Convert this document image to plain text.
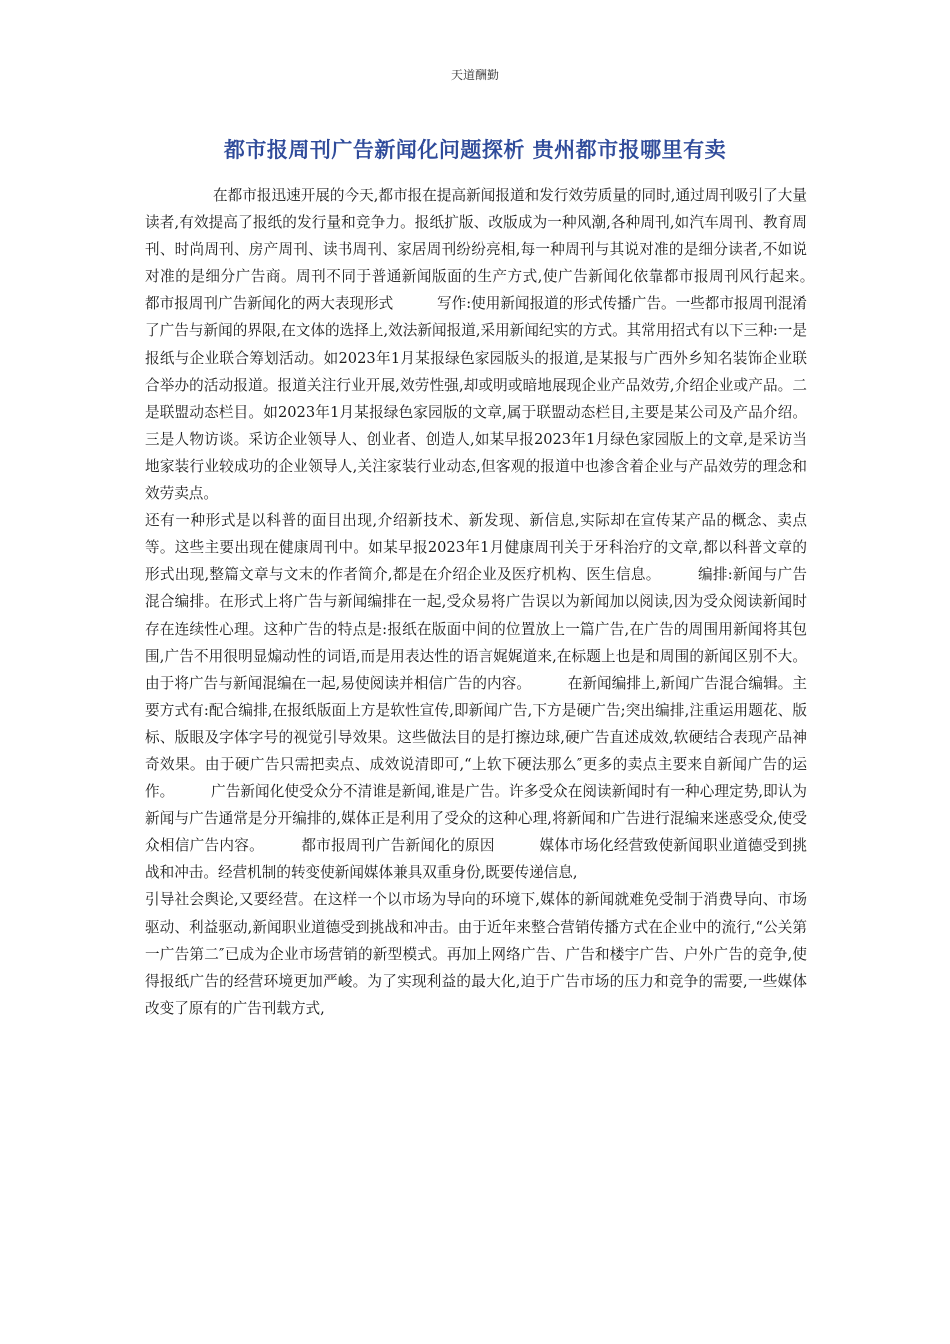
天道酬勤
都市报周刊广告新闻化问题探析 贵州都市报哪里有卖

在都市报迅速开展的今天,都市报在提高新闻报道和发行效劳质量的同时,通过周刊吸引了大量读者,有效提高了报纸的发行量和竞争力。报纸扩版、改版成为一种风潮,各种周刊,如汽车周刊、教育周刊、时尚周刊、房产周刊、读书周刊、家居周刊纷纷亮相,每一种周刊与其说对准的是细分读者,不如说对准的是细分广告商。周刊不同于普通新闻版面的生产方式,使广告新闻化依靠都市报周刊风行起来。　　　都市报周刊广告新闻化的两大表现形式　　　写作:使用新闻报道的形式传播广告。一些都市报周刊混淆了广告与新闻的界限,在文体的选择上,效法新闻报道,采用新闻纪实的方式。其常用招式有以下三种:一是报纸与企业联合筹划活动。如2023年1月某报绿色家园版头的报道,是某报与广西外乡知名装饰企业联合举办的活动报道。报道关注行业开展,效劳性强,却或明或暗地展现企业产品效劳,介绍企业或产品。二是联盟动态栏目。如2023年1月某报绿色家园版的文章,属于联盟动态栏目,主要是某公司及产品介绍。三是人物访谈。采访企业领导人、创业者、创造人,如某早报2023年1月绿色家园版上的文章,是采访当地家装行业较成功的企业领导人,关注家装行业动态,但客观的报道中也渗含着企业与产品效劳的理念和效劳卖点。

还有一种形式是以科普的面目出现,介绍新技术、新发现、新信息,实际却在宣传某产品的概念、卖点等。这些主要出现在健康周刊中。如某早报2023年1月健康周刊关于牙科治疗的文章,都以科普文章的形式出现,整篇文章与文末的作者简介,都是在介绍企业及医疗机构、医生信息。　　　编排:新闻与广告混合编排。在形式上将广告与新闻编排在一起,受众易将广告误以为新闻加以阅读,因为受众阅读新闻时存在连续性心理。这种广告的特点是:报纸在版面中间的位置放上一篇广告,在广告的周围用新闻将其包围,广告不用很明显煽动性的词语,而是用表达性的语言娓娓道来,在标题上也是和周围的新闻区别不大。由于将广告与新闻混编在一起,易使阅读并相信广告的内容。　　　在新闻编排上,新闻广告混合编辑。主要方式有:配合编排,在报纸版面上方是软性宣传,即新闻广告,下方是硬广告;突出编排,注重运用题花、版标、版眼及字体字号的视觉引导效果。这些做法目的是打擦边球,硬广告直述成效,软硬结合表现产品神奇效果。由于硬广告只需把卖点、成效说清即可,“上软下硬法那么″更多的卖点主要来自新闻广告的运作。　　　广告新闻化使受众分不清谁是新闻,谁是广告。许多受众在阅读新闻时有一种心理定势,即认为新闻与广告通常是分开编排的,媒体正是利用了受众的这种心理,将新闻和广告进行混编来迷惑受众,使受众相信广告内容。　　　都市报周刊广告新闻化的原因　　　媒体市场化经营致使新闻职业道德受到挑战和冲击。经营机制的转变使新闻媒体兼具双重身份,既要传递信息,

引导社会舆论,又要经营。在这样一个以市场为导向的环境下,媒体的新闻就难免受制于消费导向、市场驱动、利益驱动,新闻职业道德受到挑战和冲击。由于近年来整合营销传播方式在企业中的流行,“公关第一广告第二″已成为企业市场营销的新型模式。再加上网络广告、广告和楼宇广告、户外广告的竞争,使得报纸广告的经营环境更加严峻。为了实现利益的最大化,迫于广告市场的压力和竞争的需要,一些媒体改变了原有的广告刊载方式,
